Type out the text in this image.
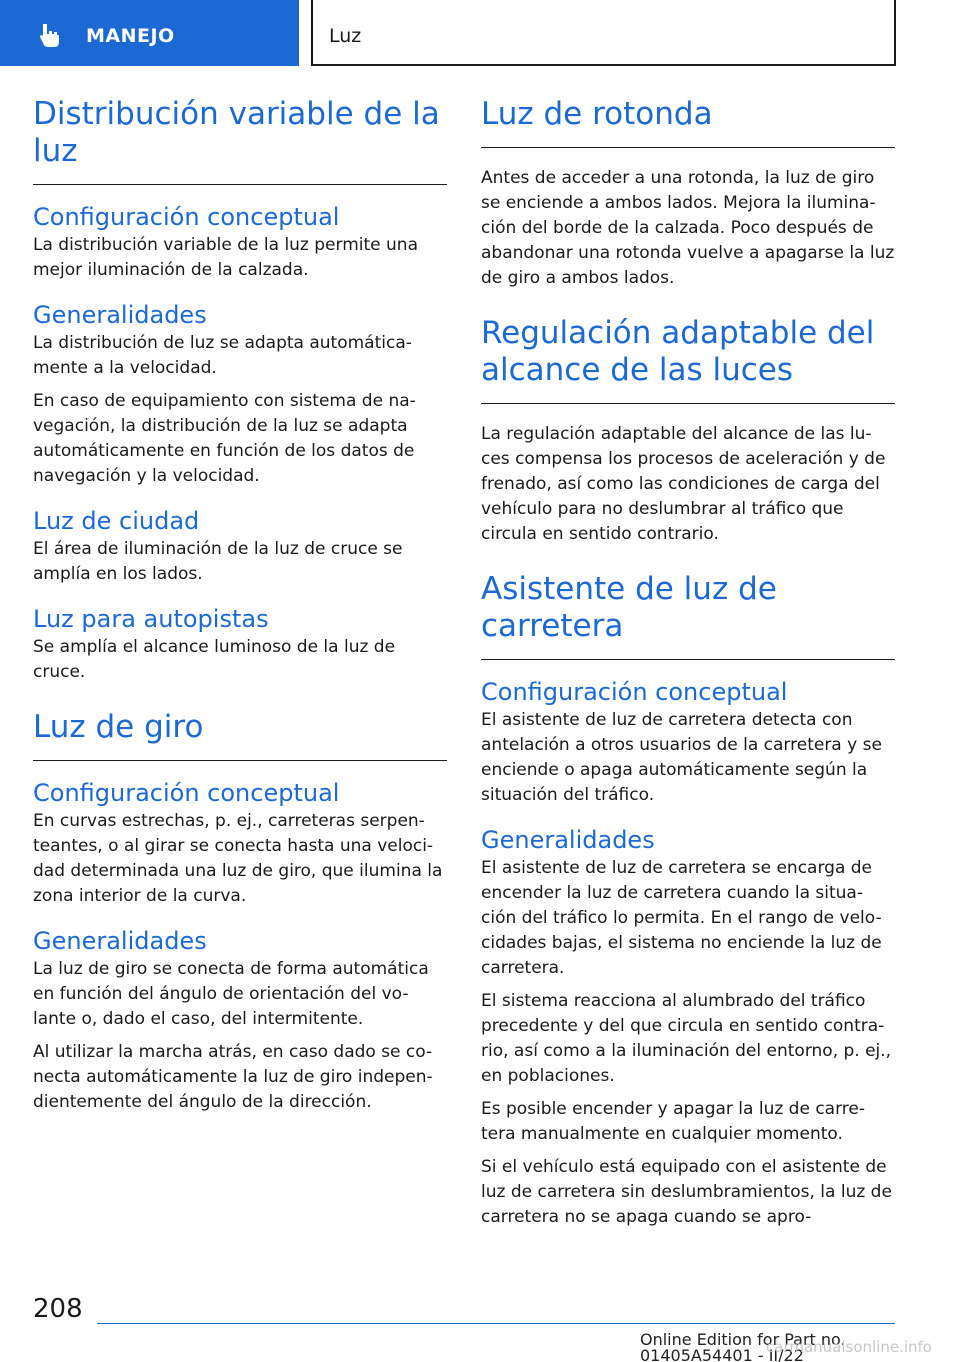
MANEJO	Luz
Distribución variable de la luz
Configuración conceptual

La distribución variable de la luz permite una mejor iluminación de la calzada.

Generalidades

La distribución de luz se adapta automática-mente a la velocidad.

En caso de equipamiento con sistema de na-vegación, la distribución de la luz se adapta automáticamente en función de los datos de navegación y la velocidad.

Luz de ciudad

El área de iluminación de la luz de cruce se amplía en los lados.

Luz para autopistas

Se amplía el alcance luminoso de la luz de cruce.

Luz de giro
Configuración conceptual

En curvas estrechas, p. ej., carreteras serpen-teantes, o al girar se conecta hasta una veloci-dad determinada una luz de giro, que ilumina la zona interior de la curva.

Generalidades

La luz de giro se conecta de forma automática en función del ángulo de orientación del vo-lante o, dado el caso, del intermitente.

Al utilizar la marcha atrás, en caso dado se co-necta automáticamente la luz de giro indepen-dientemente del ángulo de la dirección.

Luz de rotonda

Antes de acceder a una rotonda, la luz de giro se enciende a ambos lados. Mejora la ilumina-ción del borde de la calzada. Poco después de abandonar una rotonda vuelve a apagarse la luz de giro a ambos lados.

Regulación adaptable del alcance de las luces

La regulación adaptable del alcance de las lu-ces compensa los procesos de aceleración y de frenado, así como las condiciones de carga del vehículo para no deslumbrar al tráfico que circula en sentido contrario.

Asistente de luz de carretera
Configuración conceptual

El asistente de luz de carretera detecta con antelación a otros usuarios de la carretera y se enciende o apaga automáticamente según la situación del tráfico.

Generalidades

El asistente de luz de carretera se encarga de encender la luz de carretera cuando la situa-ción del tráfico lo permita. En el rango de velo-cidades bajas, el sistema no enciende la luz de carretera.

El sistema reacciona al alumbrado del tráfico precedente y del que circula en sentido contra-rio, así como a la iluminación del entorno, p. ej., en poblaciones.

Es posible encender y apagar la luz de carre-tera manualmente en cualquier momento.

Si el vehículo está equipado con el asistente de luz de carretera sin deslumbramientos, la luz de carretera no se apaga cuando se apro-

208
Online Edition for Part no. 01405A54401 - II/22
carmanualsonline.info
